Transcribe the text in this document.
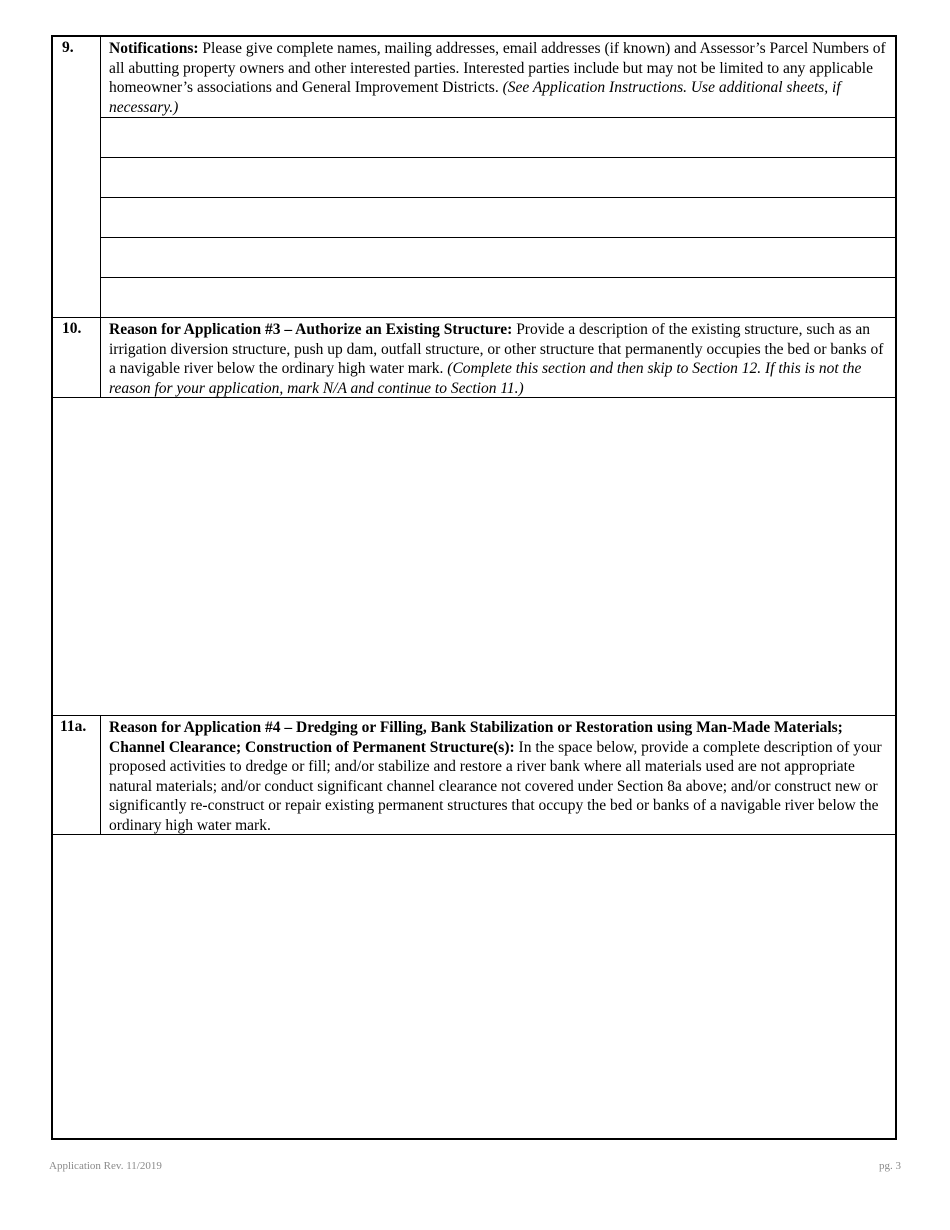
9. Notifications: Please give complete names, mailing addresses, email addresses (if known) and Assessor’s Parcel Numbers of all abutting property owners and other interested parties. Interested parties include but may not be limited to any applicable homeowner’s associations and General Improvement Districts. (See Application Instructions. Use additional sheets, if necessary.)
10. Reason for Application #3 – Authorize an Existing Structure: Provide a description of the existing structure, such as an irrigation diversion structure, push up dam, outfall structure, or other structure that permanently occupies the bed or banks of a navigable river below the ordinary high water mark. (Complete this section and then skip to Section 12. If this is not the reason for your application, mark N/A and continue to Section 11.)
11a. Reason for Application #4 – Dredging or Filling, Bank Stabilization or Restoration using Man-Made Materials; Channel Clearance; Construction of Permanent Structure(s): In the space below, provide a complete description of your proposed activities to dredge or fill; and/or stabilize and restore a river bank where all materials used are not appropriate natural materials; and/or conduct significant channel clearance not covered under Section 8a above; and/or construct new or significantly re-construct or repair existing permanent structures that occupy the bed or banks of a navigable river below the ordinary high water mark.
Application Rev. 11/2019	pg. 3
